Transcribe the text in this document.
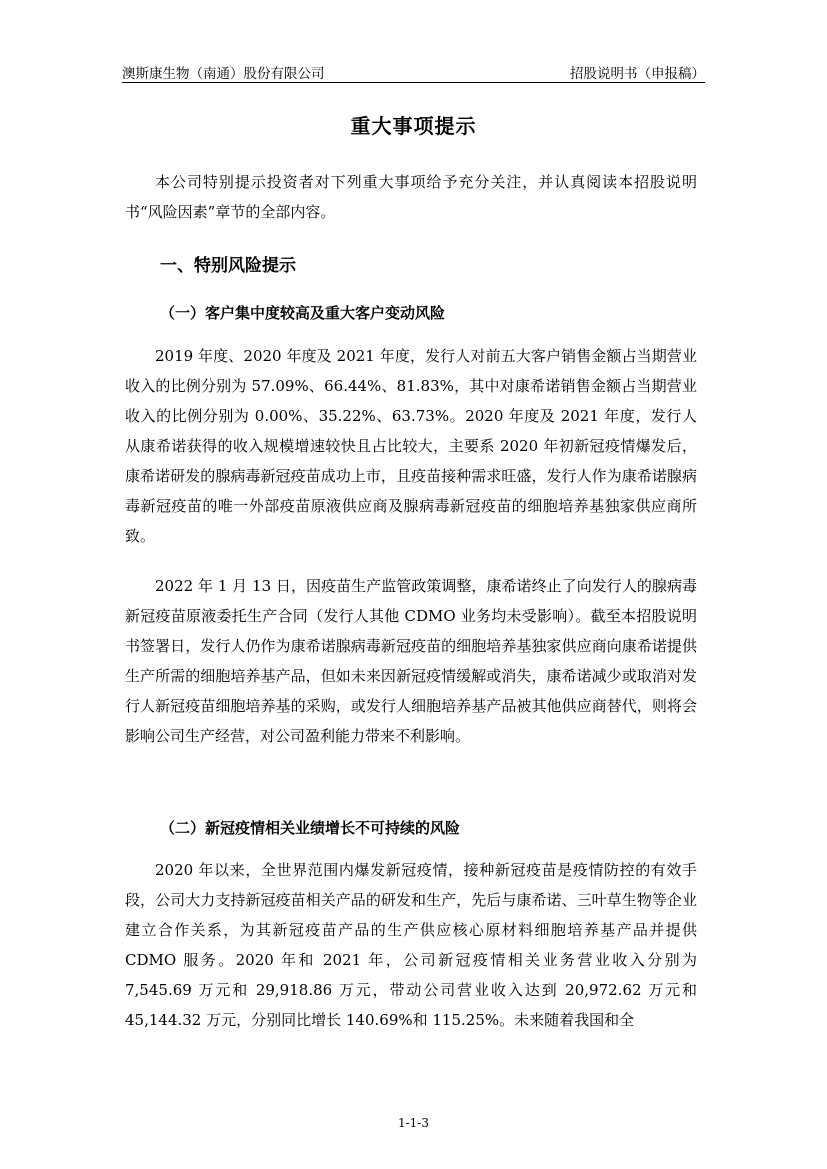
澳斯康生物（南通）股份有限公司	招股说明书（申报稿）
重大事项提示

本公司特别提示投资者对下列重大事项给予充分关注，并认真阅读本招股说明书“风险因素”章节的全部内容。

一、特别风险提示
（一）客户集中度较高及重大客户变动风险

2019 年度、2020 年度及 2021 年度，发行人对前五大客户销售金额占当期营业收入的比例分别为 57.09%、66.44%、81.83%，其中对康希诺销售金额占当期营业收入的比例分别为 0.00%、35.22%、63.73%。2020 年度及 2021 年度，发行人从康希诺获得的收入规模增速较快且占比较大，主要系 2020 年初新冠疫情爆发后，康希诺研发的腺病毒新冠疫苗成功上市，且疫苗接种需求旺盛，发行人作为康希诺腺病毒新冠疫苗的唯一外部疫苗原液供应商及腺病毒新冠疫苗的细胞培养基独家供应商所致。

2022 年 1 月 13 日，因疫苗生产监管政策调整，康希诺终止了向发行人的腺病毒新冠疫苗原液委托生产合同（发行人其他 CDMO 业务均未受影响）。截至本招股说明书签署日，发行人仍作为康希诺腺病毒新冠疫苗的细胞培养基独家供应商向康希诺提供生产所需的细胞培养基产品，但如未来因新冠疫情缓解或消失，康希诺减少或取消对发行人新冠疫苗细胞培养基的采购，或发行人细胞培养基产品被其他供应商替代，则将会影响公司生产经营，对公司盈利能力带来不利影响。

（二）新冠疫情相关业绩增长不可持续的风险

2020 年以来，全世界范围内爆发新冠疫情，接种新冠疫苗是疫情防控的有效手段，公司大力支持新冠疫苗相关产品的研发和生产，先后与康希诺、三叶草生物等企业建立合作关系，为其新冠疫苗产品的生产供应核心原材料细胞培养基产品并提供 CDMO 服务。2020 年和 2021 年，公司新冠疫情相关业务营业收入分别为 7,545.69 万元和 29,918.86 万元，带动公司营业收入达到 20,972.62 万元和 45,144.32 万元，分别同比增长 140.69%和 115.25%。未来随着我国和全

1-1-3
